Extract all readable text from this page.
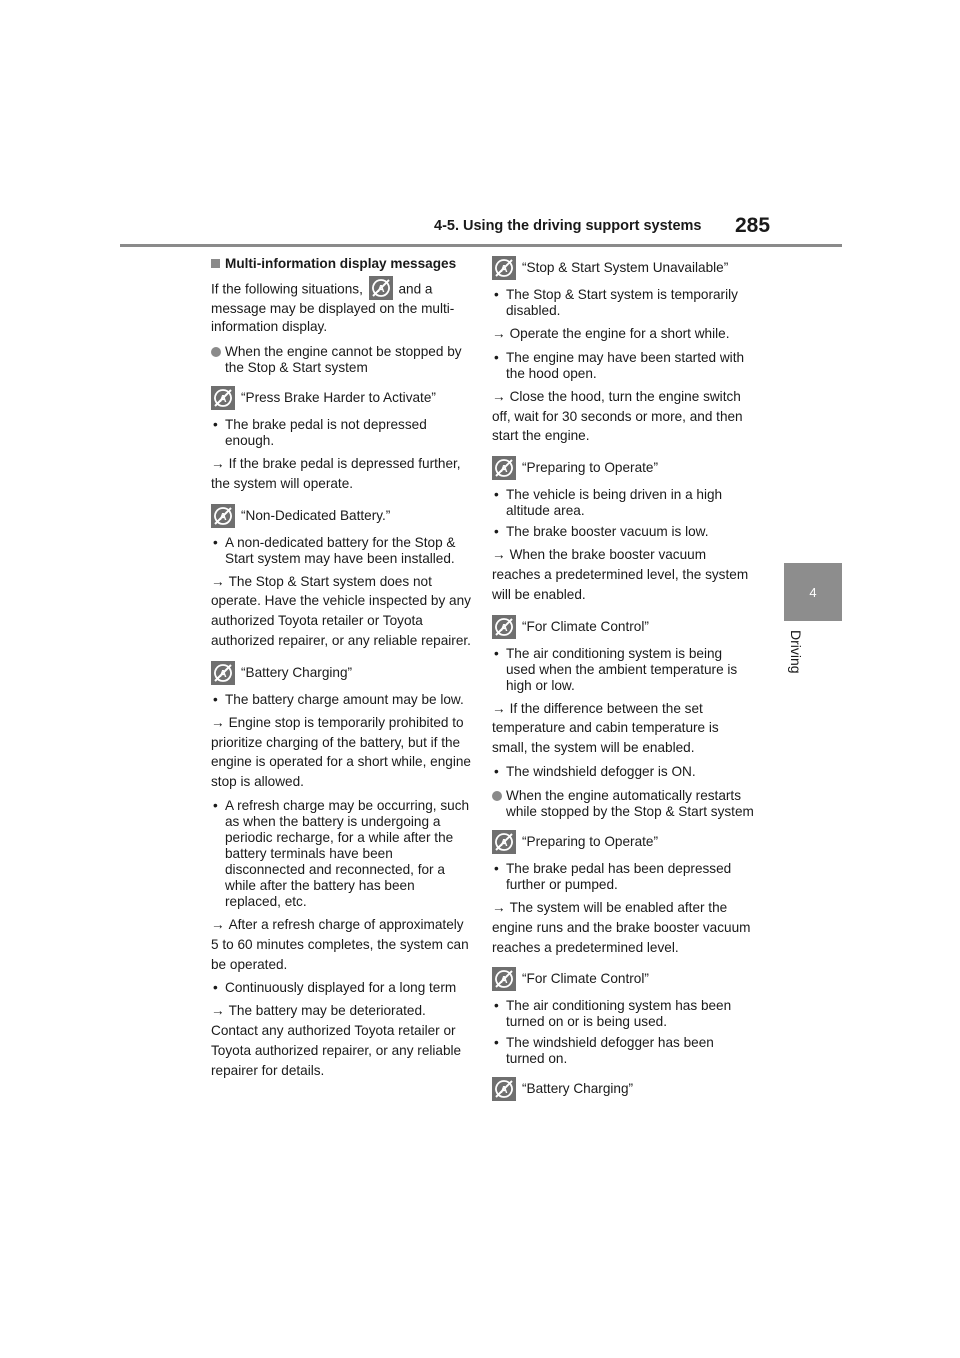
4-5. Using the driving support systems 285
4
Driving
Multi-information display messages

If the following situations,	and a message may be displayed on the multi-information display.

When the engine cannot be stopped by the Stop & Start system
“Press Brake Harder to Activate”
• The brake pedal is not depressed enough.

→ If the brake pedal is depressed further, the system will operate.

“Non-Dedicated Battery.”
• A non-dedicated battery for the Stop & Start system may have been installed.

→ The Stop & Start system does not operate. Have the vehicle inspected by any authorized Toyota retailer or Toyota authorized repairer, or any reliable repairer.

“Battery Charging”
• The battery charge amount may be low.

→ Engine stop is temporarily prohibited to prioritize charging of the battery, but if the engine is operated for a short while, engine stop is allowed.

• A refresh charge may be occurring, such as when the battery is undergoing a periodic recharge, for a while after the battery terminals have been disconnected and reconnected, for a while after the battery has been replaced, etc.

→ After a refresh charge of approximately 5 to 60 minutes completes, the system can be operated.

• Continuously displayed for a long term

→ The battery may be deteriorated. Contact any authorized Toyota retailer or Toyota authorized repairer, or any reliable repairer for details.

“Stop & Start System Unavailable”
• The Stop & Start system is temporarily disabled.

→ Operate the engine for a short while.

• The engine may have been started with the hood open.

→ Close the hood, turn the engine switch off, wait for 30 seconds or more, and then start the engine.

“Preparing to Operate”
• The vehicle is being driven in a high altitude area.
• The brake booster vacuum is low.

→ When the brake booster vacuum reaches a predetermined level, the system will be enabled.

“For Climate Control”
• The air conditioning system is being used when the ambient temperature is high or low.

→ If the difference between the set temperature and cabin temperature is small, the system will be enabled.

• The windshield defogger is ON.
When the engine automatically restarts while stopped by the Stop & Start system
“Preparing to Operate”
• The brake pedal has been depressed further or pumped.

→ The system will be enabled after the engine runs and the brake booster vacuum reaches a predetermined level.

“For Climate Control”
• The air conditioning system has been turned on or is being used.
• The windshield defogger has been turned on.
“Battery Charging”
